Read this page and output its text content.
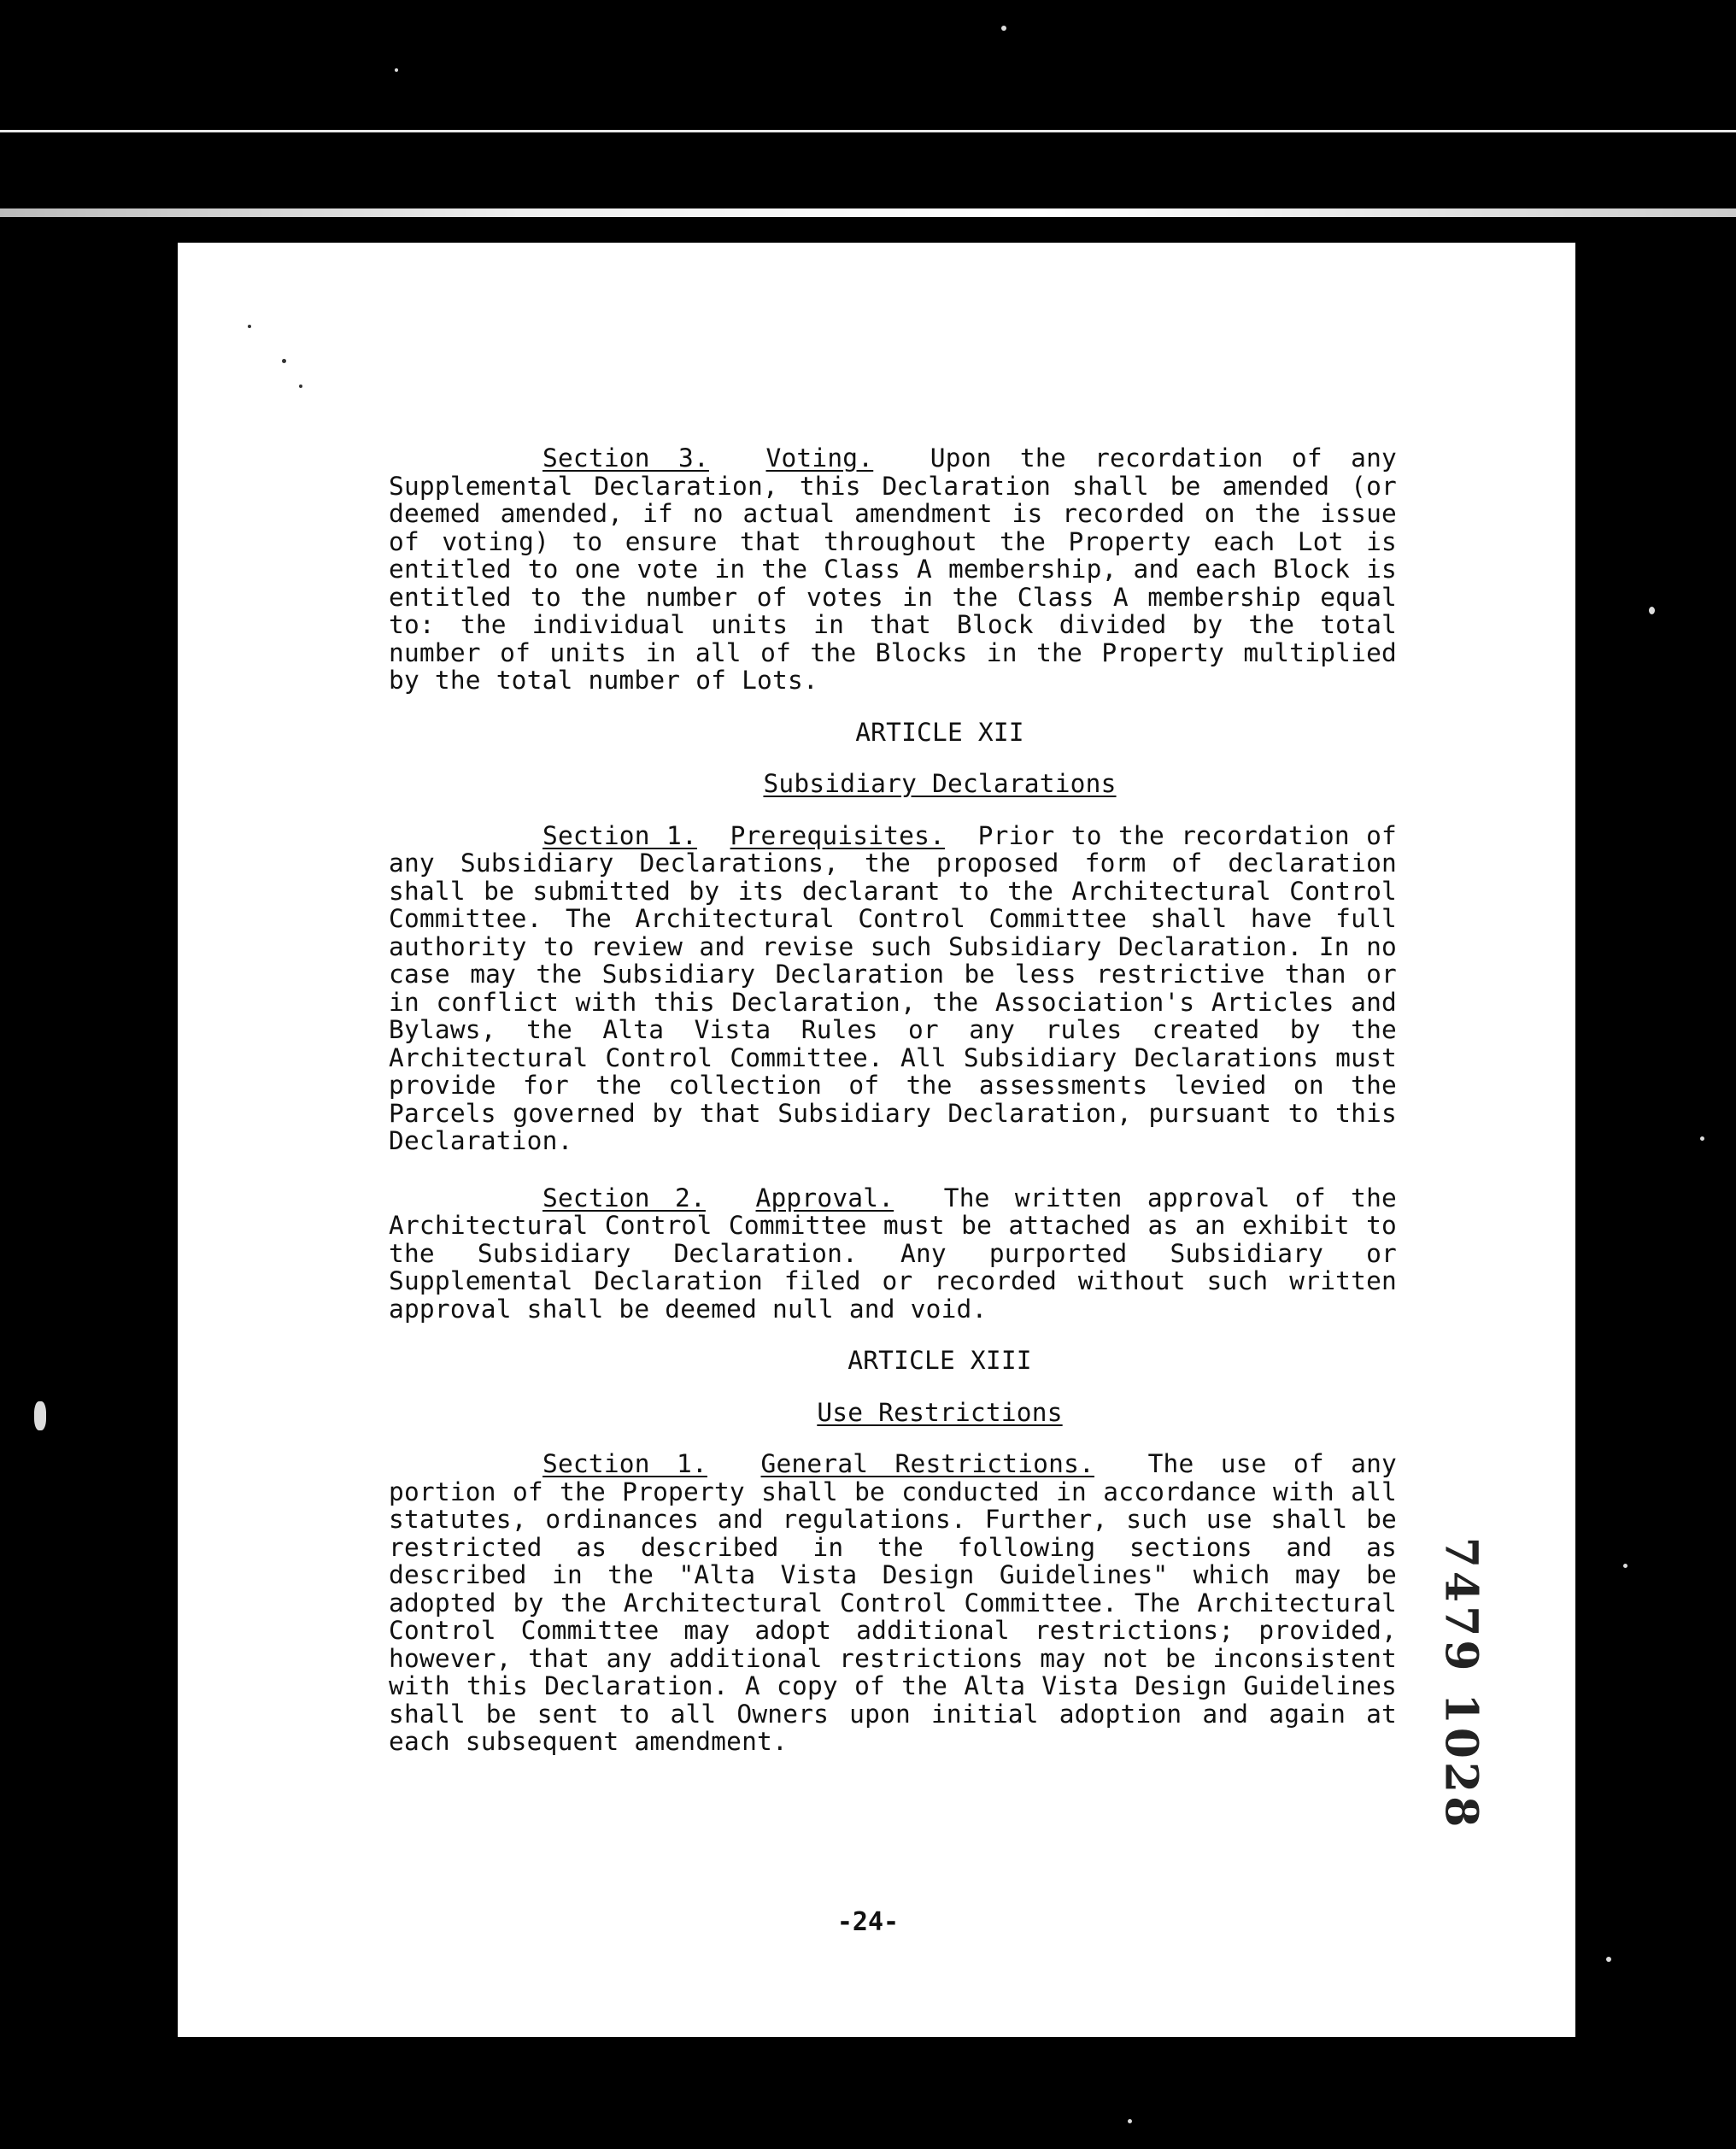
Section 3. Voting. Upon the recordation of any Supplemental Declaration, this Declaration shall be amended (or deemed amended, if no actual amendment is recorded on the issue of voting) to ensure that throughout the Property each Lot is entitled to one vote in the Class A membership, and each Block is entitled to the number of votes in the Class A membership equal to: the individual units in that Block divided by the total number of units in all of the Blocks in the Property multiplied by the total number of Lots.

ARTICLE XII

Subsidiary Declarations

Section 1. Prerequisites. Prior to the recordation of any Subsidiary Declarations, the proposed form of declaration shall be submitted by its declarant to the Architectural Control Committee. The Architectural Control Committee shall have full authority to review and revise such Subsidiary Declaration. In no case may the Subsidiary Declaration be less restrictive than or in conflict with this Declaration, the Association's Articles and Bylaws, the Alta Vista Rules or any rules created by the Architectural Control Committee. All Subsidiary Declarations must provide for the collection of the assessments levied on the Parcels governed by that Subsidiary Declaration, pursuant to this Declaration.

Section 2. Approval. The written approval of the Architectural Control Committee must be attached as an exhibit to the Subsidiary Declaration. Any purported Subsidiary or Supplemental Declaration filed or recorded without such written approval shall be deemed null and void.

ARTICLE XIII

Use Restrictions

Section 1. General Restrictions. The use of any portion of the Property shall be conducted in accordance with all statutes, ordinances and regulations. Further, such use shall be restricted as described in the following sections and as described in the "Alta Vista Design Guidelines" which may be adopted by the Architectural Control Committee. The Architectural Control Committee may adopt additional restrictions; provided, however, that any additional restrictions may not be inconsistent with this Declaration. A copy of the Alta Vista Design Guidelines shall be sent to all Owners upon initial adoption and again at each subsequent amendment.	7479 1028
-24-
